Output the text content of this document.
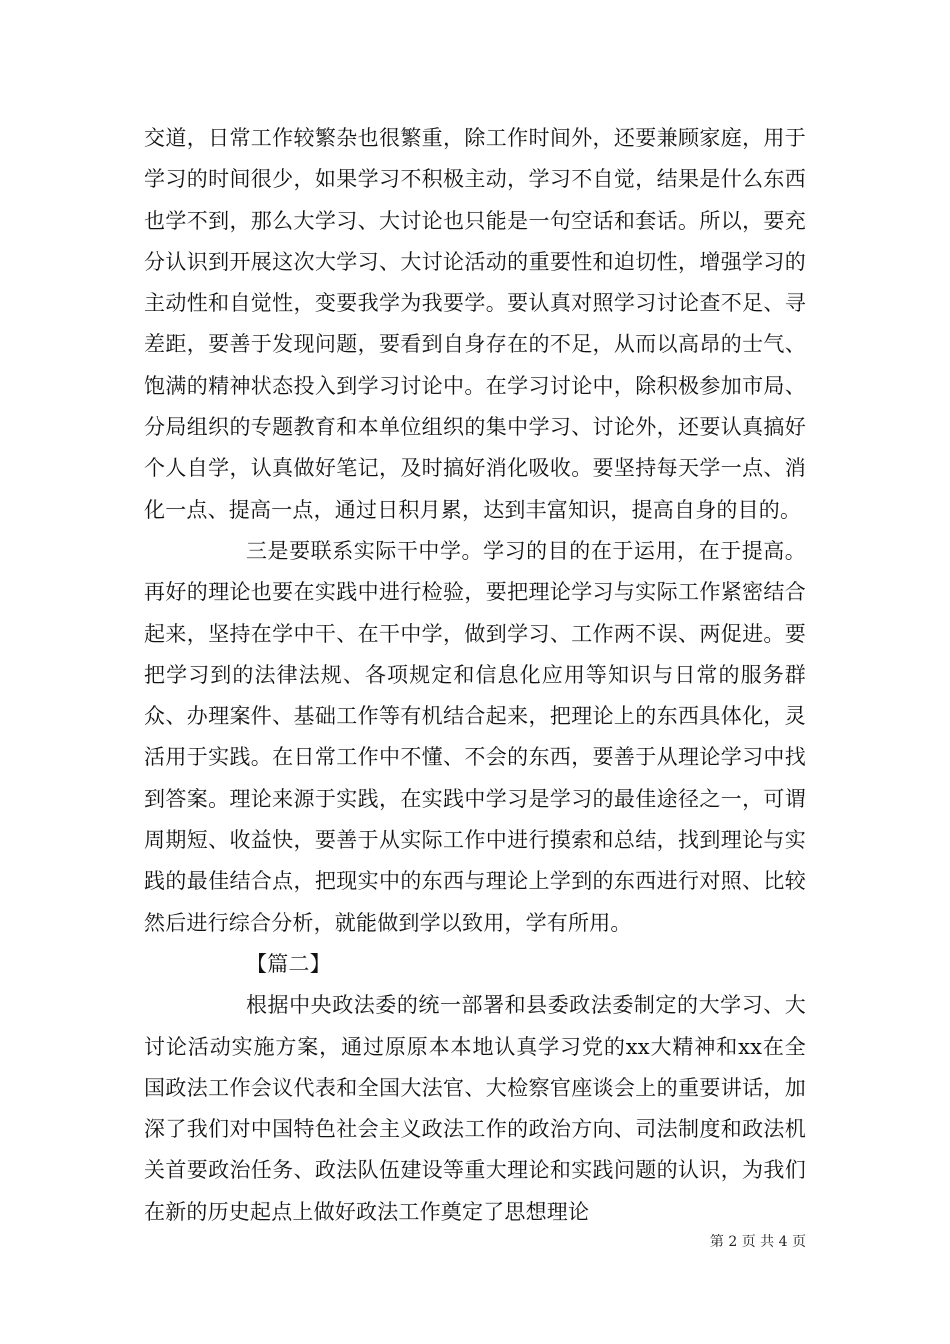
交道，日常工作较繁杂也很繁重，除工作时间外，还要兼顾家庭，用于学习的时间很少，如果学习不积极主动，学习不自觉，结果是什么东西也学不到，那么大学习、大讨论也只能是一句空话和套话。所以，要充分认识到开展这次大学习、大讨论活动的重要性和迫切性，增强学习的主动性和自觉性，变要我学为我要学。要认真对照学习讨论查不足、寻差距，要善于发现问题，要看到自身存在的不足，从而以高昂的士气、饱满的精神状态投入到学习讨论中。在学习讨论中，除积极参加市局、分局组织的专题教育和本单位组织的集中学习、讨论外，还要认真搞好个人自学，认真做好笔记，及时搞好消化吸收。要坚持每天学一点、消化一点、提高一点，通过日积月累，达到丰富知识，提高自身的目的。

三是要联系实际干中学。学习的目的在于运用，在于提高。再好的理论也要在实践中进行检验，要把理论学习与实际工作紧密结合起来，坚持在学中干、在干中学，做到学习、工作两不误、两促进。要把学习到的法律法规、各项规定和信息化应用等知识与日常的服务群众、办理案件、基础工作等有机结合起来，把理论上的东西具体化，灵活用于实践。在日常工作中不懂、不会的东西，要善于从理论学习中找到答案。理论来源于实践，在实践中学习是学习的最佳途径之一，可谓周期短、收益快，要善于从实际工作中进行摸索和总结，找到理论与实践的最佳结合点，把现实中的东西与理论上学到的东西进行对照、比较然后进行综合分析，就能做到学以致用，学有所用。

【篇二】

根据中央政法委的统一部署和县委政法委制定的大学习、大讨论活动实施方案，通过原原本本地认真学习党的xx大精神和xx在全国政法工作会议代表和全国大法官、大检察官座谈会上的重要讲话，加深了我们对中国特色社会主义政法工作的政治方向、司法制度和政法机关首要政治任务、政法队伍建设等重大理论和实践问题的认识，为我们在新的历史起点上做好政法工作奠定了思想理论

第 2 页 共 4 页
